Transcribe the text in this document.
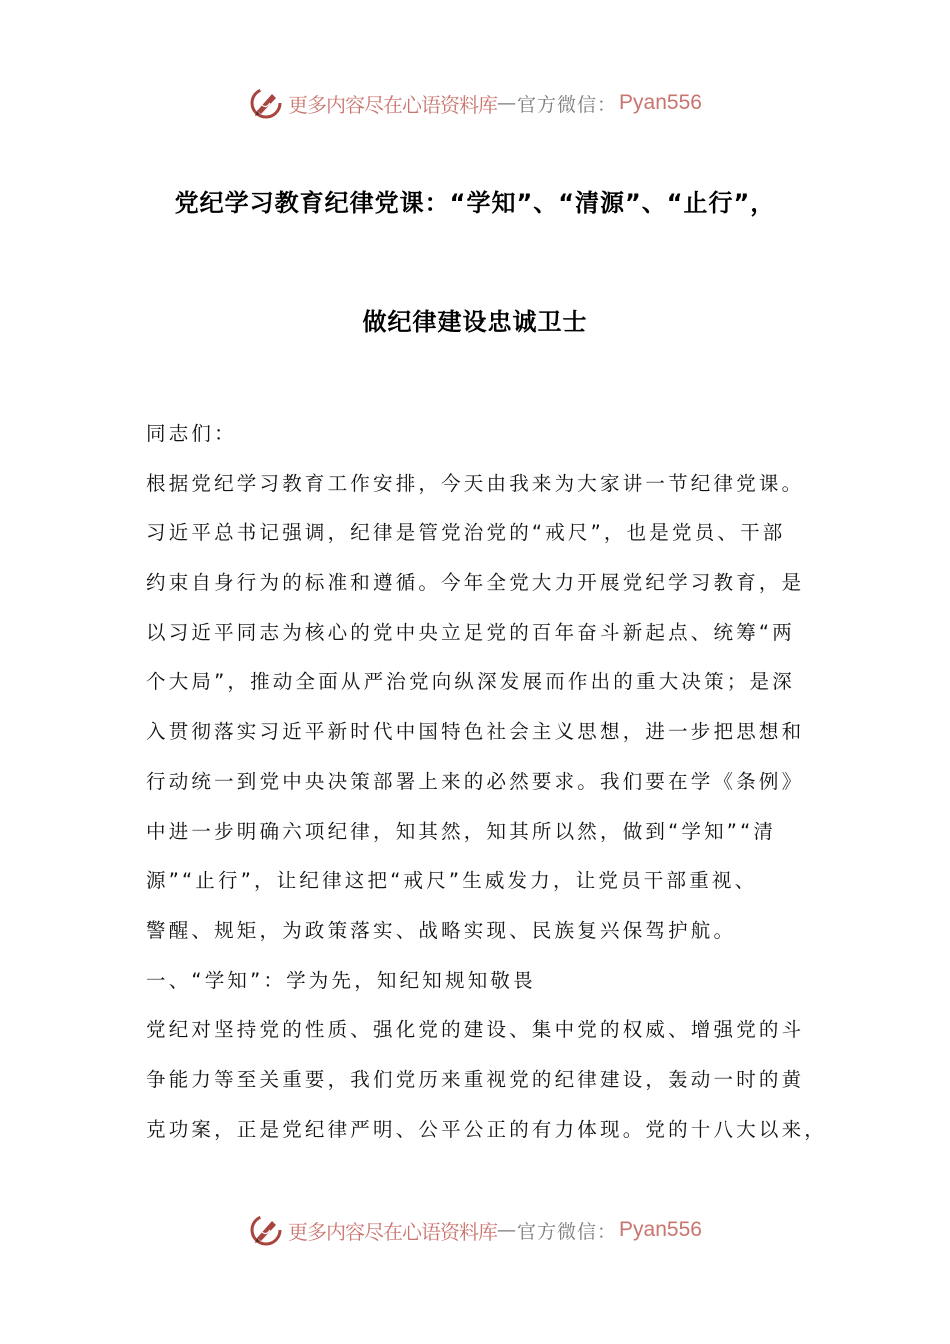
更多内容尽在心语资料库 — 官方微信： Pyan556
党纪学习教育纪律党课：“学知”、“清源”、“止行”，
做纪律建设忠诚卫士
同志们：
根据党纪学习教育工作安排，今天由我来为大家讲一节纪律党课。
习近平总书记强调，纪律是管党治党的“戒尺”，也是党员、干部
约束自身行为的标准和遵循。今年全党大力开展党纪学习教育，是
以习近平同志为核心的党中央立足党的百年奋斗新起点、统筹“两
个大局”，推动全面从严治党向纵深发展而作出的重大决策；是深
入贯彻落实习近平新时代中国特色社会主义思想，进一步把思想和
行动统一到党中央决策部署上来的必然要求。我们要在学《条例》
中进一步明确六项纪律，知其然，知其所以然，做到“学知”“清
源”“止行”，让纪律这把“戒尺”生威发力，让党员干部重视、
警醒、规矩，为政策落实、战略实现、民族复兴保驾护航。
一、“学知”：学为先，知纪知规知敬畏
党纪对坚持党的性质、强化党的建设、集中党的权威、增强党的斗
争能力等至关重要，我们党历来重视党的纪律建设，轰动一时的黄
克功案，正是党纪律严明、公平公正的有力体现。党的十八大以来，
更多内容尽在心语资料库 — 官方微信： Pyan556
